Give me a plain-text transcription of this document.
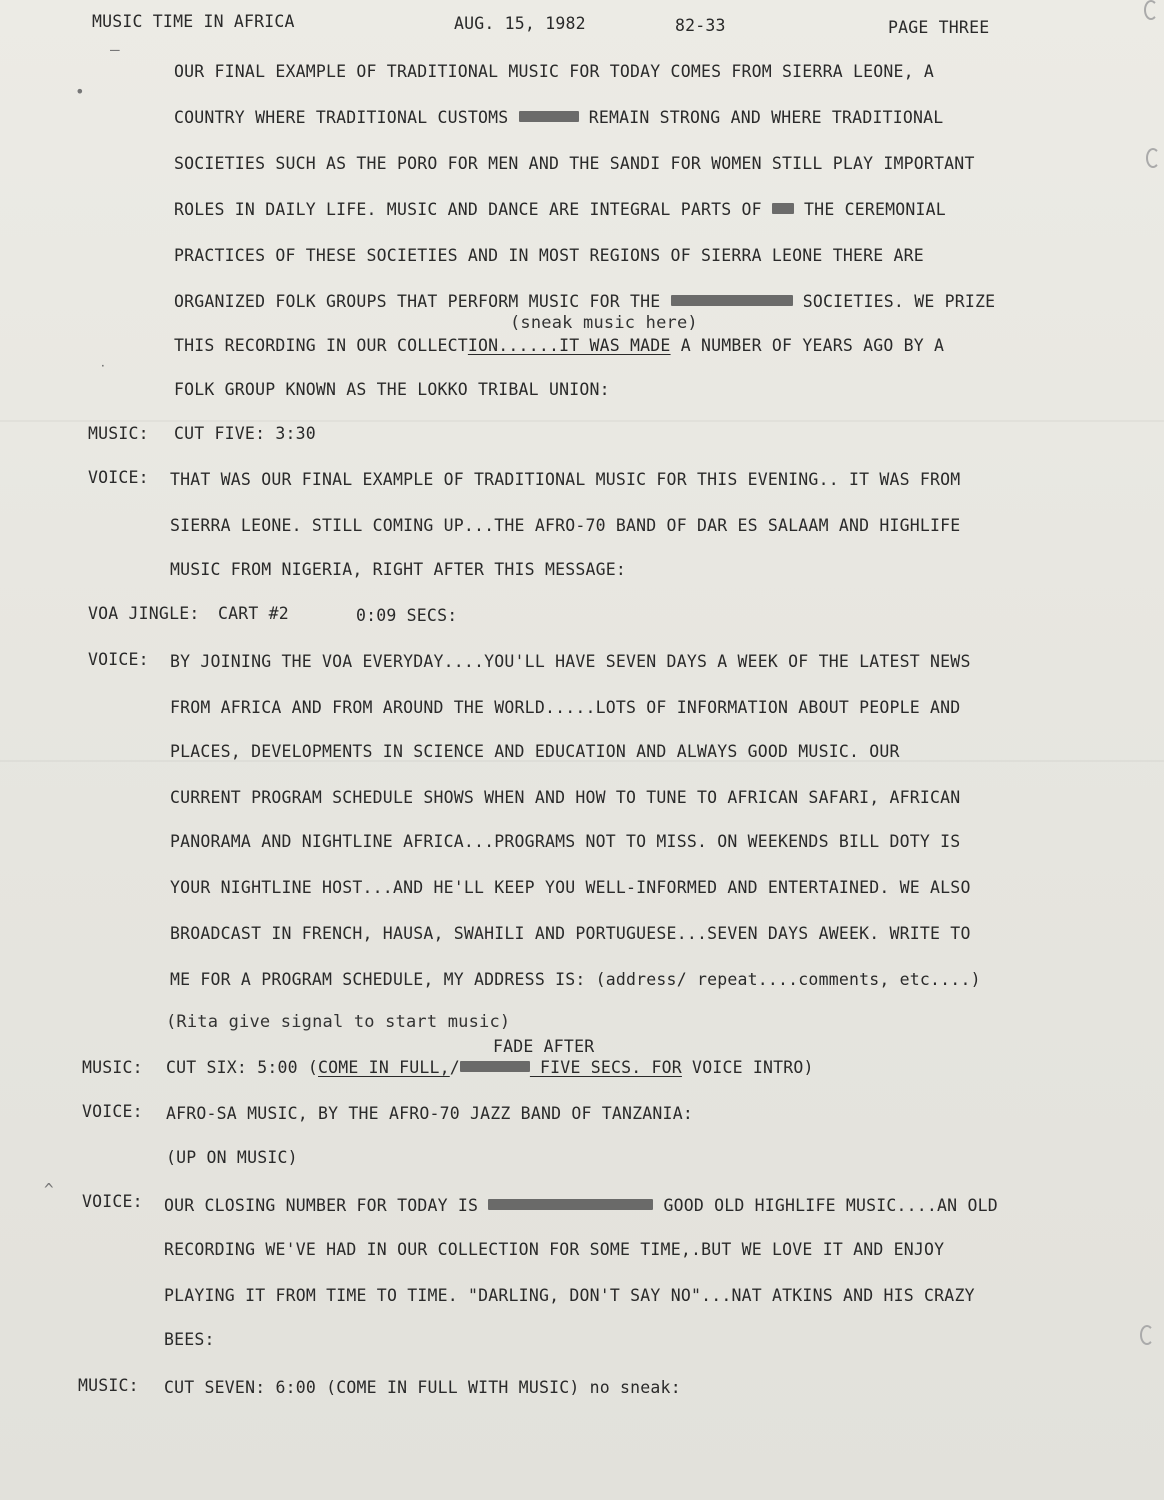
MUSIC TIME IN AFRICA	AUG. 15, 1982	82-33	PAGE THREE
—
•
˙
^
OUR FINAL EXAMPLE OF TRADITIONAL MUSIC FOR TODAY COMES FROM SIERRA LEONE, A
COUNTRY WHERE TRADITIONAL CUSTOMS	REMAIN STRONG AND WHERE TRADITIONAL
SOCIETIES SUCH AS THE PORO FOR MEN AND THE SANDI FOR WOMEN STILL PLAY IMPORTANT
ROLES IN DAILY LIFE. MUSIC AND DANCE ARE INTEGRAL PARTS OF	THE CEREMONIAL
PRACTICES OF THESE SOCIETIES AND IN MOST REGIONS OF SIERRA LEONE THERE ARE
ORGANIZED FOLK GROUPS THAT PERFORM MUSIC FOR THE	SOCIETIES. WE PRIZE
(sneak music here)
THIS RECORDING IN OUR COLLECTION......IT WAS MADE A NUMBER OF YEARS AGO BY A
FOLK GROUP KNOWN AS THE LOKKO TRIBAL UNION:
MUSIC: CUT FIVE: 3:30
VOICE: THAT WAS OUR FINAL EXAMPLE OF TRADITIONAL MUSIC FOR THIS EVENING.. IT WAS FROM
SIERRA LEONE. STILL COMING UP...THE AFRO-70 BAND OF DAR ES SALAAM AND HIGHLIFE
MUSIC FROM NIGERIA, RIGHT AFTER THIS MESSAGE:
VOA JINGLE: CART #2	0:09 SECS:
VOICE: BY JOINING THE VOA EVERYDAY....YOU'LL HAVE SEVEN DAYS A WEEK OF THE LATEST NEWS
FROM AFRICA AND FROM AROUND THE WORLD.....LOTS OF INFORMATION ABOUT PEOPLE AND
PLACES, DEVELOPMENTS IN SCIENCE AND EDUCATION AND ALWAYS GOOD MUSIC. OUR
CURRENT PROGRAM SCHEDULE SHOWS WHEN AND HOW TO TUNE TO AFRICAN SAFARI, AFRICAN
PANORAMA AND NIGHTLINE AFRICA...PROGRAMS NOT TO MISS. ON WEEKENDS BILL DOTY IS
YOUR NIGHTLINE HOST...AND HE'LL KEEP YOU WELL-INFORMED AND ENTERTAINED. WE ALSO
BROADCAST IN FRENCH, HAUSA, SWAHILI AND PORTUGUESE...SEVEN DAYS AWEEK. WRITE TO
ME FOR A PROGRAM SCHEDULE, MY ADDRESS IS: (address/ repeat....comments, etc....)
(Rita give signal to start music)
FADE AFTER
MUSIC: CUT SIX: 5:00 (COME IN FULL,/	FIVE SECS. FOR VOICE INTRO)
VOICE: AFRO-SA MUSIC, BY THE AFRO-70 JAZZ BAND OF TANZANIA:
(UP ON MUSIC)
VOICE: OUR CLOSING NUMBER FOR TODAY IS	GOOD OLD HIGHLIFE MUSIC....AN OLD
RECORDING WE'VE HAD IN OUR COLLECTION FOR SOME TIME,.BUT WE LOVE IT AND ENJOY
PLAYING IT FROM TIME TO TIME. "DARLING, DON'T SAY NO"...NAT ATKINS AND HIS CRAZY
BEES:
MUSIC: CUT SEVEN: 6:00 (COME IN FULL WITH MUSIC) no sneak:
